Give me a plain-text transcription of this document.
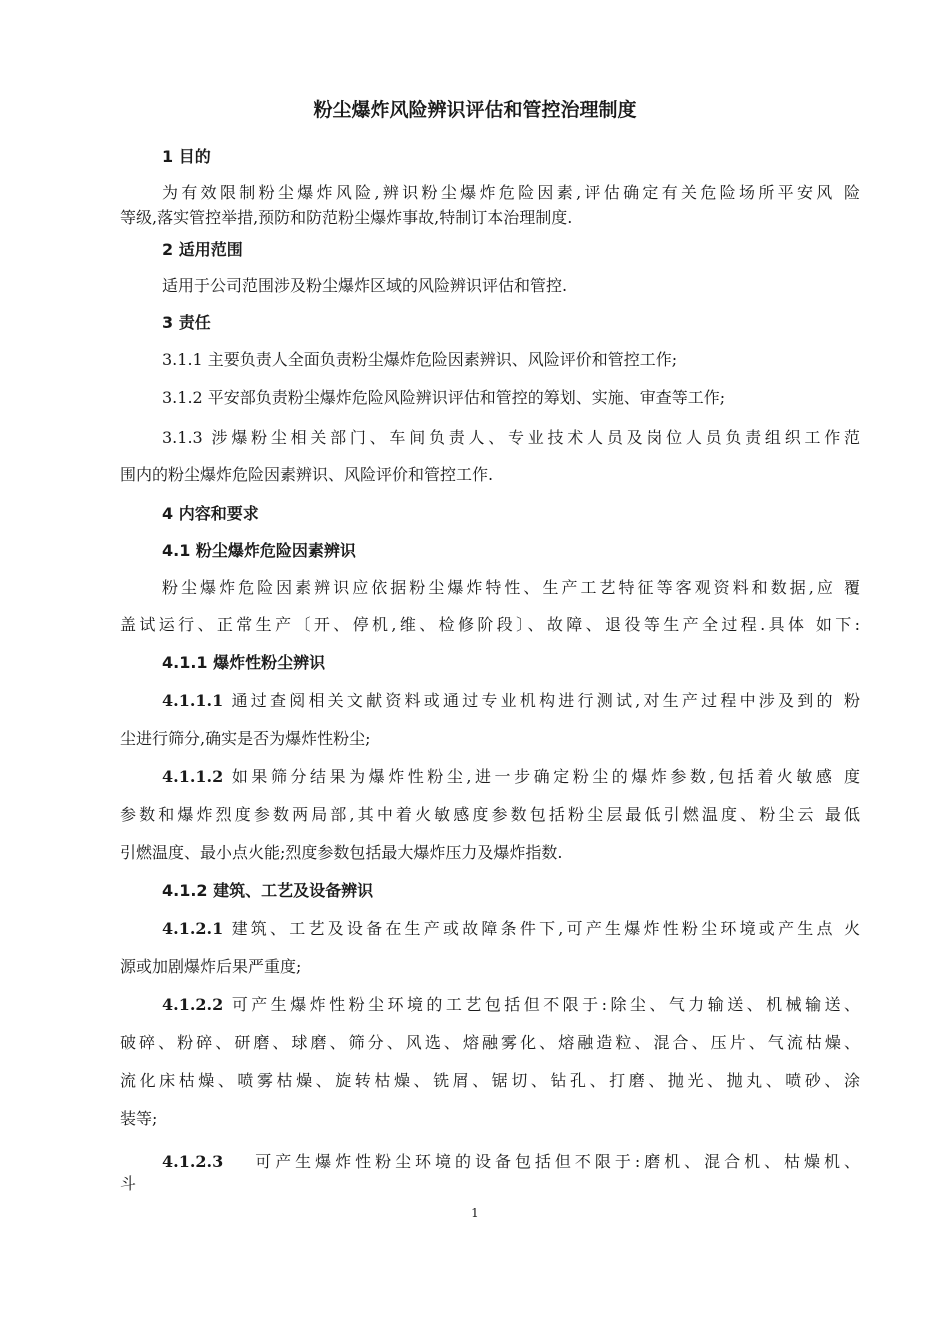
粉尘爆炸风险辨识评估和管控治理制度

1 目的

为有效限制粉尘爆炸风险,辨识粉尘爆炸危险因素,评估确定有关危险场所平安风 险

等级,落实管控举措,预防和防范粉尘爆炸事故,特制订本治理制度.

2 适用范围

适用于公司范围涉及粉尘爆炸区域的风险辨识评估和管控.

3 责任

3.1.1 主要负责人全面负责粉尘爆炸危险因素辨识、风险评价和管控工作;

3.1.2 平安部负责粉尘爆炸危险风险辨识评估和管控的筹划、实施、审查等工作;

3.1.3 涉爆粉尘相关部门、车间负责人、专业技术人员及岗位人员负责组织工作范

围内的粉尘爆炸危险因素辨识、风险评价和管控工作.

4 内容和要求

4.1 粉尘爆炸危险因素辨识

粉尘爆炸危险因素辨识应依据粉尘爆炸特性、生产工艺特征等客观资料和数据,应 覆

盖试运行、正常生产〔开、停机,维、检修阶段〕、故障、退役等生产全过程.具体 如下:

4.1.1 爆炸性粉尘辨识

4.1.1.1 通过查阅相关文献资料或通过专业机构进行测试,对生产过程中涉及到的 粉

尘进行筛分,确实是否为爆炸性粉尘;

4.1.1.2 如果筛分结果为爆炸性粉尘,进一步确定粉尘的爆炸参数,包括着火敏感 度

参数和爆炸烈度参数两局部,其中着火敏感度参数包括粉尘层最低引燃温度、粉尘云 最低

引燃温度、最小点火能;烈度参数包括最大爆炸压力及爆炸指数.

4.1.2 建筑、工艺及设备辨识

4.1.2.1 建筑、工艺及设备在生产或故障条件下,可产生爆炸性粉尘环境或产生点 火

源或加剧爆炸后果严重度;

4.1.2.2 可产生爆炸性粉尘环境的工艺包括但不限于:除尘、气力输送、机械输送、

破碎、粉碎、研磨、球磨、筛分、风选、熔融雾化、熔融造粒、混合、压片、气流枯燥、

流化床枯燥、喷雾枯燥、旋转枯燥、铣屑、锯切、钻孔、打磨、抛光、抛丸、喷砂、涂

装等;

4.1.2.3 可产生爆炸性粉尘环境的设备包括但不限于:磨机、混合机、枯燥机、

斗

1
